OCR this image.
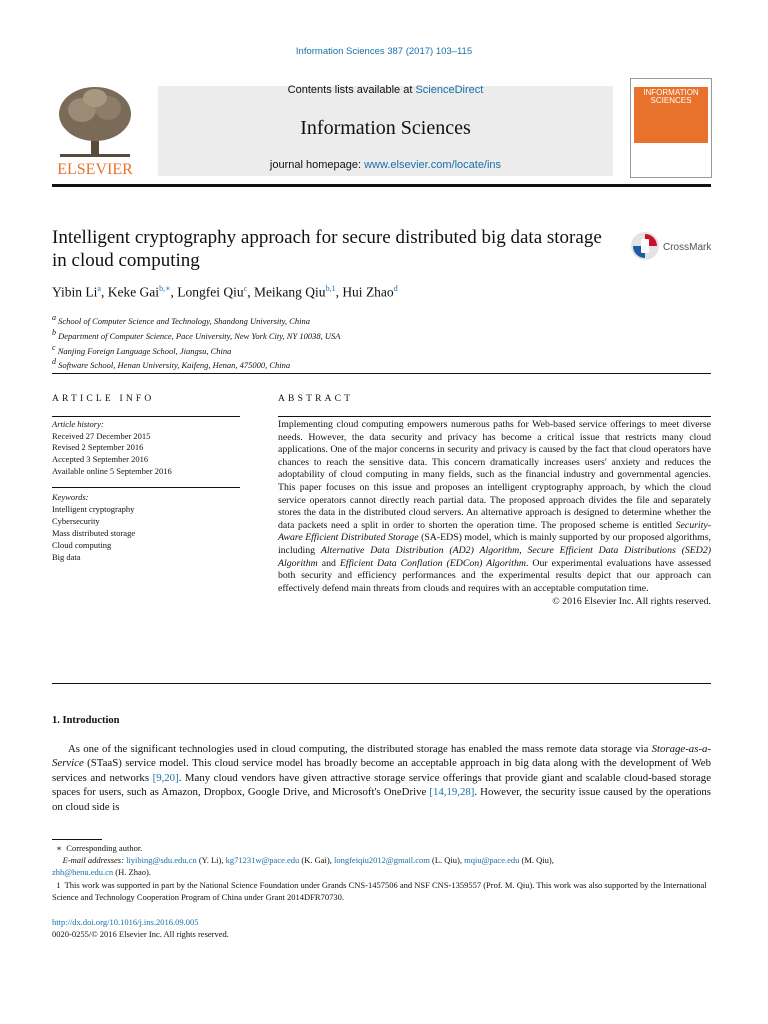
Information Sciences 387 (2017) 103–115
ELSEVIER
Contents lists available at ScienceDirect
Information Sciences
journal homepage: www.elsevier.com/locate/ins
INFORMATION SCIENCES
Intelligent cryptography approach for secure distributed big data storage in cloud computing
CrossMark
Yibin Li$^a$, Keke Gai$^{b,∗}$, Longfei Qiu$^c$, Meikang Qiu$^{b,1}$, Hui Zhao$^d$
$^a$ School of Computer Science and Technology, Shandong University, China
$^b$ Department of Computer Science, Pace University, New York City, NY 10038, USA
$^c$ Nanjing Foreign Language School, Jiangsu, China
$^d$ Software School, Henan University, Kaifeng, Henan, 475000, China
ARTICLE INFO	ABSTRACT
Article history:
Received 27 December 2015
Revised 2 September 2016
Accepted 3 September 2016
Available online 5 September 2016
Keywords:
Intelligent cryptography
Cybersecurity
Mass distributed storage
Cloud computing
Big data

Implementing cloud computing empowers numerous paths for Web-based service offerings to meet diverse needs. However, the data security and privacy has become a critical issue that restricts many cloud applications. One of the major concerns in security and privacy is caused by the fact that cloud operators have chances to reach the sensitive data. This concern dramatically increases users' anxiety and reduces the adoptability of cloud computing in many fields, such as the financial industry and governmental agencies. This paper focuses on this issue and proposes an intelligent cryptography approach, by which the cloud service operators cannot directly reach partial data. The proposed approach divides the file and separately stores the data in the distributed cloud servers. An alternative approach is designed to determine whether the data packets need a split in order to shorten the operation time. The proposed scheme is entitled Security-Aware Efficient Distributed Storage (SA-EDS) model, which is mainly supported by our proposed algorithms, including Alternative Data Distribution (AD2) Algorithm, Secure Efficient Data Distributions (SED2) Algorithm and Efficient Data Conflation (EDCon) Algorithm. Our experimental evaluations have assessed both security and efficiency performances and the experimental results depict that our approach can effectively defend main threats from clouds and requires with an acceptable computation time.

© 2016 Elsevier Inc. All rights reserved.

1. Introduction

As one of the significant technologies used in cloud computing, the distributed storage has enabled the mass remote data storage via Storage-as-a-Service (STaaS) service model. This cloud service model has broadly become an acceptable approach in big data along with the development of Web services and networks [9,20]. Many cloud vendors have given attractive storage service offerings that provide giant and scalable cloud-based storage spaces for users, such as Amazon, Dropbox, Google Drive, and Microsoft's OneDrive [14,19,28]. However, the security issue caused by the operations on cloud side is

∗ Corresponding author.

E-mail addresses: liyibing@sdu.edu.cn (Y. Li), kg71231w@pace.edu (K. Gai), longfeiqiu2012@gmail.com (L. Qiu), mqiu@pace.edu (M. Qiu),
zhh@henu.edu.cn (H. Zhao).

1 This work was supported in part by the National Science Foundation under Grands CNS-1457506 and NSF CNS-1359557 (Prof. M. Qiu). This work was also supported by the International Science and Technology Cooperation Program of China under Grant 2014DFR70730.

http://dx.doi.org/10.1016/j.ins.2016.09.005
0020-0255/© 2016 Elsevier Inc. All rights reserved.
